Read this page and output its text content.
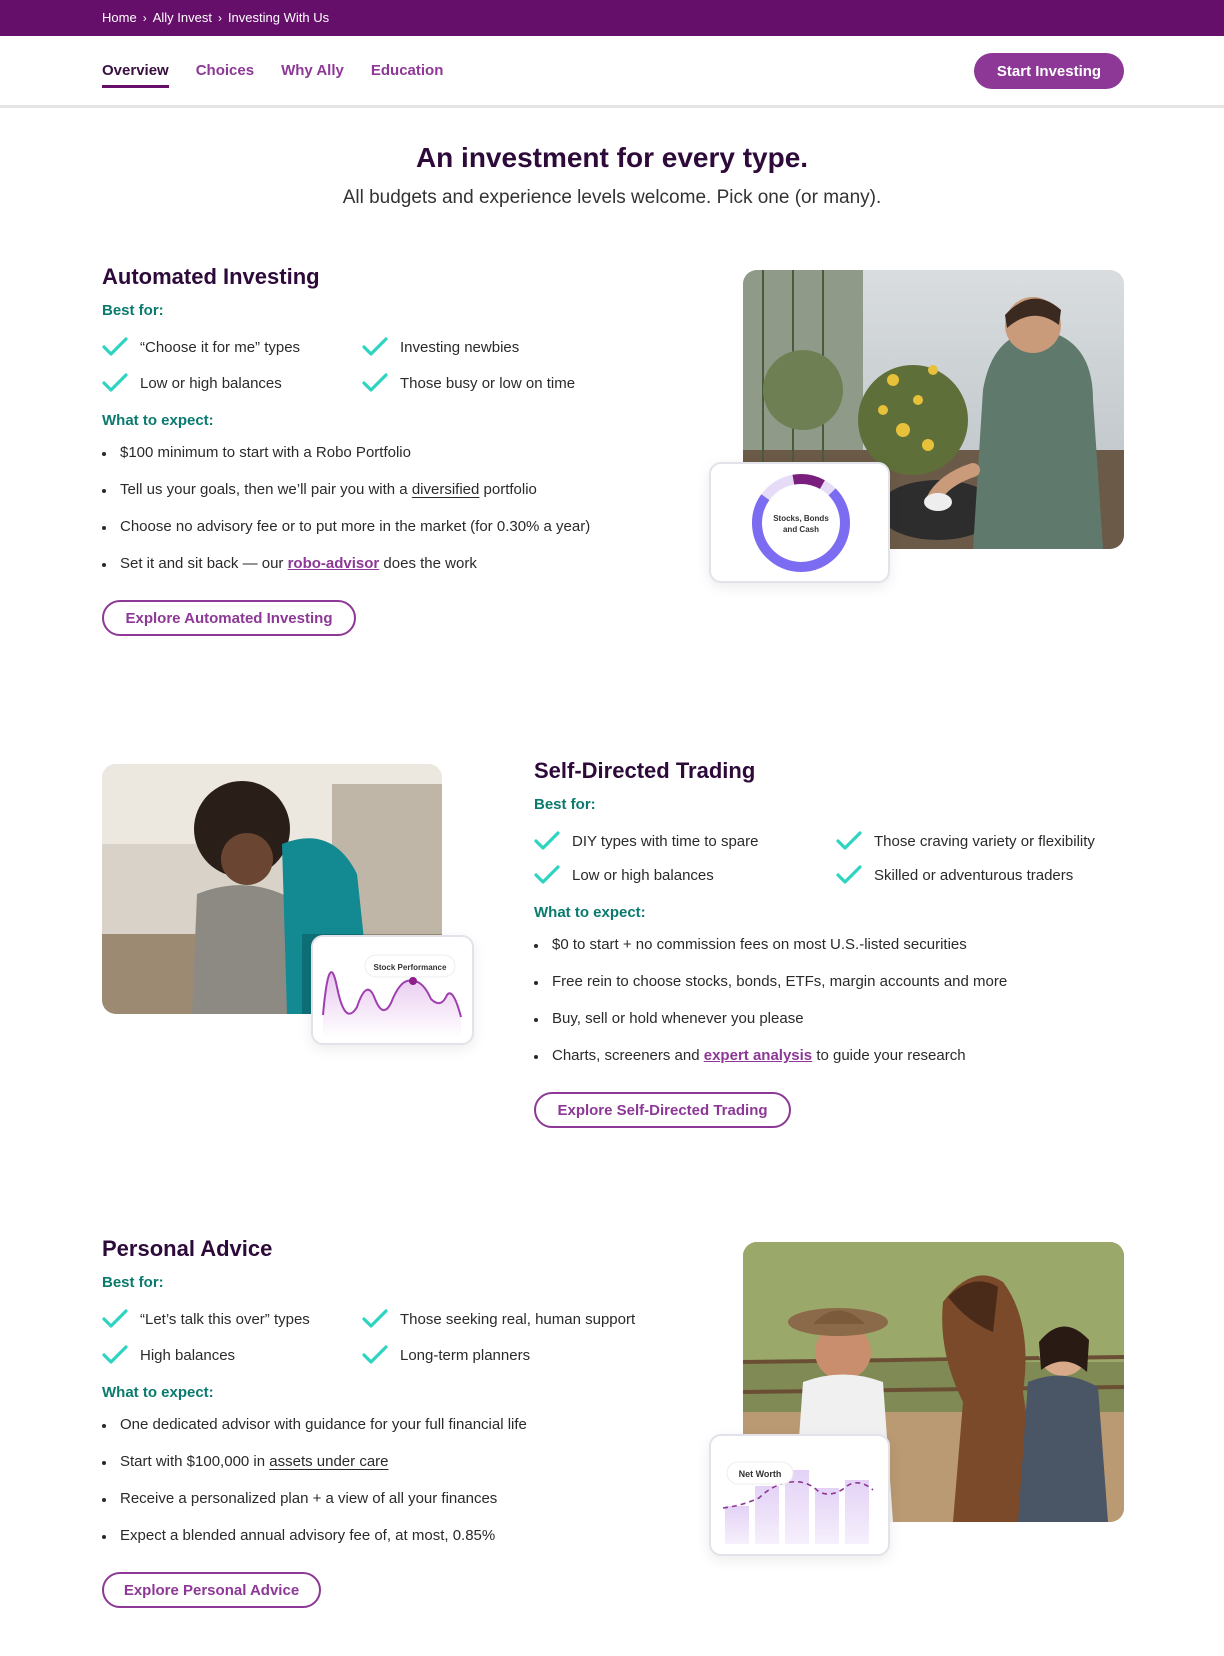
Home › Ally Invest › Investing With Us
Overview Choices Why Ally Education	Start Investing
An investment for every type.

All budgets and experience levels welcome. Pick one (or many).

Automated Investing
Best for:
“Choose it for me” types	Investing newbies
Low or high balances	Those busy or low on time
What to expect:
$100 minimum to start with a Robo Portfolio
Tell us your goals, then we’ll pair you with a diversified portfolio
Choose no advisory fee or to put more in the market (for 0.30% a year)
Set it and sit back — our robo-advisor does the work
Explore Automated Investing
Stocks, Bonds
and Cash
Stock Performance
Self-Directed Trading
Best for:
DIY types with time to spare	Those craving variety or flexibility
Low or high balances	Skilled or adventurous traders
What to expect:
$0 to start + no commission fees on most U.S.-listed securities
Free rein to choose stocks, bonds, ETFs, margin accounts and more
Buy, sell or hold whenever you please
Charts, screeners and expert analysis to guide your research
Explore Self-Directed Trading
Personal Advice
Best for:
“Let’s talk this over” types	Those seeking real, human support
High balances	Long-term planners
What to expect:
One dedicated advisor with guidance for your full financial life
Start with $100,000 in assets under care
Receive a personalized plan + a view of all your finances
Expect a blended annual advisory fee of, at most, 0.85%
Explore Personal Advice
Net Worth
